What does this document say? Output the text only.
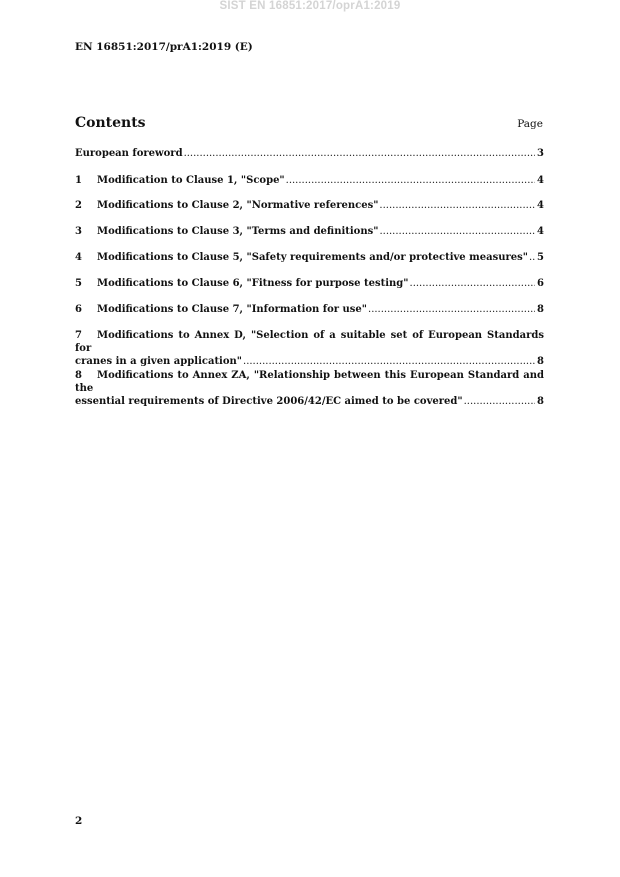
SIST EN 16851:2017/oprA1:2019
EN 16851:2017/prA1:2019 (E)
Contents	Page
European foreword .....	3
1	Modification to Clause 1, "Scope" .....	4
2	Modifications to Clause 2, "Normative references" .....	4
3	Modifications to Clause 3, "Terms and definitions" .....	4
4	Modifications to Clause 5, "Safety requirements and/or protective measures" ..... 5
5	Modifications to Clause 6, "Fitness for purpose testing" .....	6
6	Modifications to Clause 7, "Information for use" .....	8
7 Modifications to Annex D, "Selection of a suitable set of European Standards for
cranes in a given application" .....	8
8 Modifications to Annex ZA, "Relationship between this European Standard and the
essential requirements of Directive 2006/42/EC aimed to be covered" .....	8
2
